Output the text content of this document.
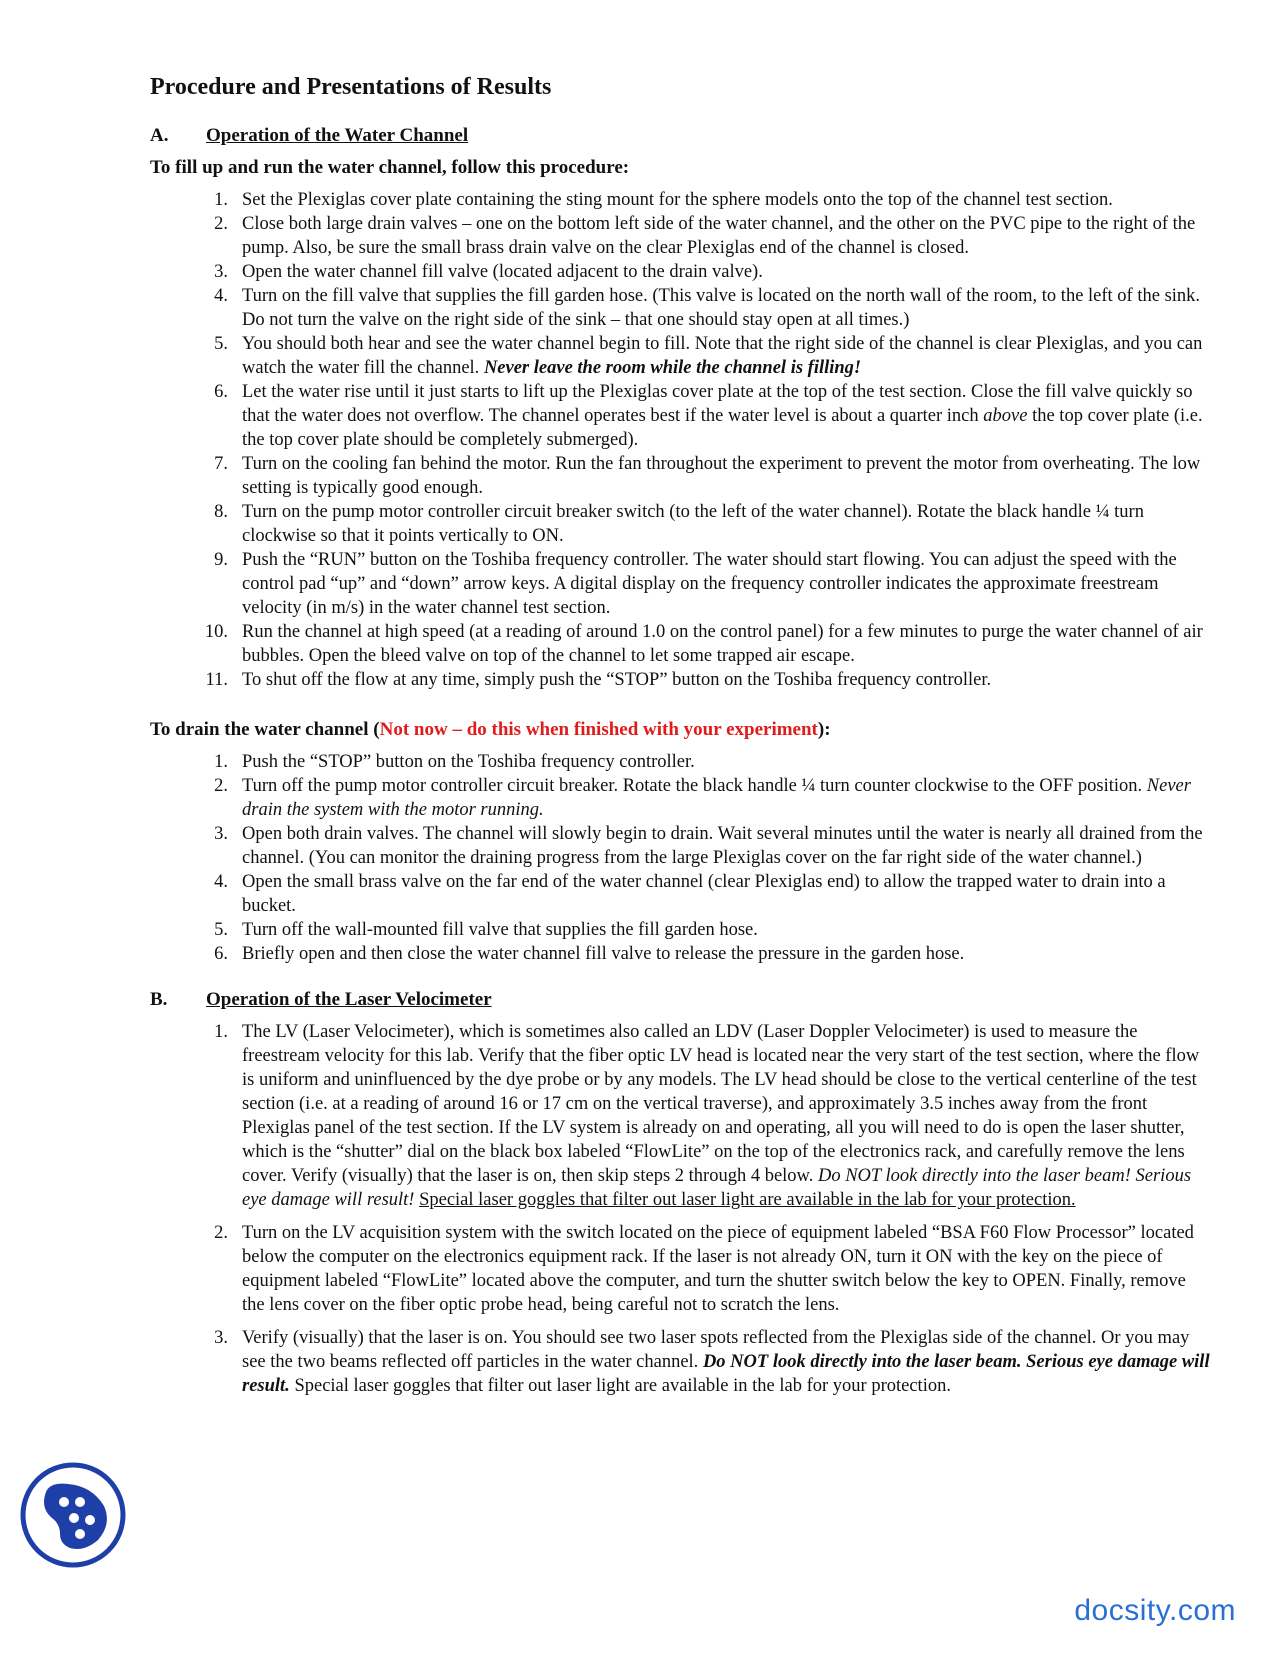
Procedure and Presentations of Results
A.	Operation of the Water Channel
To fill up and run the water channel, follow this procedure:
1. Set the Plexiglas cover plate containing the sting mount for the sphere models onto the top of the channel test section.
2. Close both large drain valves – one on the bottom left side of the water channel, and the other on the PVC pipe to the right of the pump. Also, be sure the small brass drain valve on the clear Plexiglas end of the channel is closed.
3. Open the water channel fill valve (located adjacent to the drain valve).
4. Turn on the fill valve that supplies the fill garden hose. (This valve is located on the north wall of the room, to the left of the sink. Do not turn the valve on the right side of the sink – that one should stay open at all times.)
5. You should both hear and see the water channel begin to fill. Note that the right side of the channel is clear Plexiglas, and you can watch the water fill the channel. Never leave the room while the channel is filling!
6. Let the water rise until it just starts to lift up the Plexiglas cover plate at the top of the test section. Close the fill valve quickly so that the water does not overflow. The channel operates best if the water level is about a quarter inch above the top cover plate (i.e. the top cover plate should be completely submerged).
7. Turn on the cooling fan behind the motor. Run the fan throughout the experiment to prevent the motor from overheating. The low setting is typically good enough.
8. Turn on the pump motor controller circuit breaker switch (to the left of the water channel). Rotate the black handle ¼ turn clockwise so that it points vertically to ON.
9. Push the “RUN” button on the Toshiba frequency controller. The water should start flowing. You can adjust the speed with the control pad “up” and “down” arrow keys. A digital display on the frequency controller indicates the approximate freestream velocity (in m/s) in the water channel test section.
10. Run the channel at high speed (at a reading of around 1.0 on the control panel) for a few minutes to purge the water channel of air bubbles. Open the bleed valve on top of the channel to let some trapped air escape.
11. To shut off the flow at any time, simply push the “STOP” button on the Toshiba frequency controller.
To drain the water channel (Not now – do this when finished with your experiment):
1. Push the “STOP” button on the Toshiba frequency controller.
2. Turn off the pump motor controller circuit breaker. Rotate the black handle ¼ turn counter clockwise to the OFF position. Never drain the system with the motor running.
3. Open both drain valves. The channel will slowly begin to drain. Wait several minutes until the water is nearly all drained from the channel. (You can monitor the draining progress from the large Plexiglas cover on the far right side of the water channel.)
4. Open the small brass valve on the far end of the water channel (clear Plexiglas end) to allow the trapped water to drain into a bucket.
5. Turn off the wall-mounted fill valve that supplies the fill garden hose.
6. Briefly open and then close the water channel fill valve to release the pressure in the garden hose.
B.	Operation of the Laser Velocimeter
1. The LV (Laser Velocimeter), which is sometimes also called an LDV (Laser Doppler Velocimeter) is used to measure the freestream velocity for this lab. Verify that the fiber optic LV head is located near the very start of the test section, where the flow is uniform and uninfluenced by the dye probe or by any models. The LV head should be close to the vertical centerline of the test section (i.e. at a reading of around 16 or 17 cm on the vertical traverse), and approximately 3.5 inches away from the front Plexiglas panel of the test section. If the LV system is already on and operating, all you will need to do is open the laser shutter, which is the “shutter” dial on the black box labeled “FlowLite” on the top of the electronics rack, and carefully remove the lens cover. Verify (visually) that the laser is on, then skip steps 2 through 4 below. Do NOT look directly into the laser beam! Serious eye damage will result! Special laser goggles that filter out laser light are available in the lab for your protection.
2. Turn on the LV acquisition system with the switch located on the piece of equipment labeled “BSA F60 Flow Processor” located below the computer on the electronics equipment rack. If the laser is not already ON, turn it ON with the key on the piece of equipment labeled “FlowLite” located above the computer, and turn the shutter switch below the key to OPEN. Finally, remove the lens cover on the fiber optic probe head, being careful not to scratch the lens.
3. Verify (visually) that the laser is on. You should see two laser spots reflected from the Plexiglas side of the channel. Or you may see the two beams reflected off particles in the water channel. Do NOT look directly into the laser beam. Serious eye damage will result. Special laser goggles that filter out laser light are available in the lab for your protection.
docsity.com
